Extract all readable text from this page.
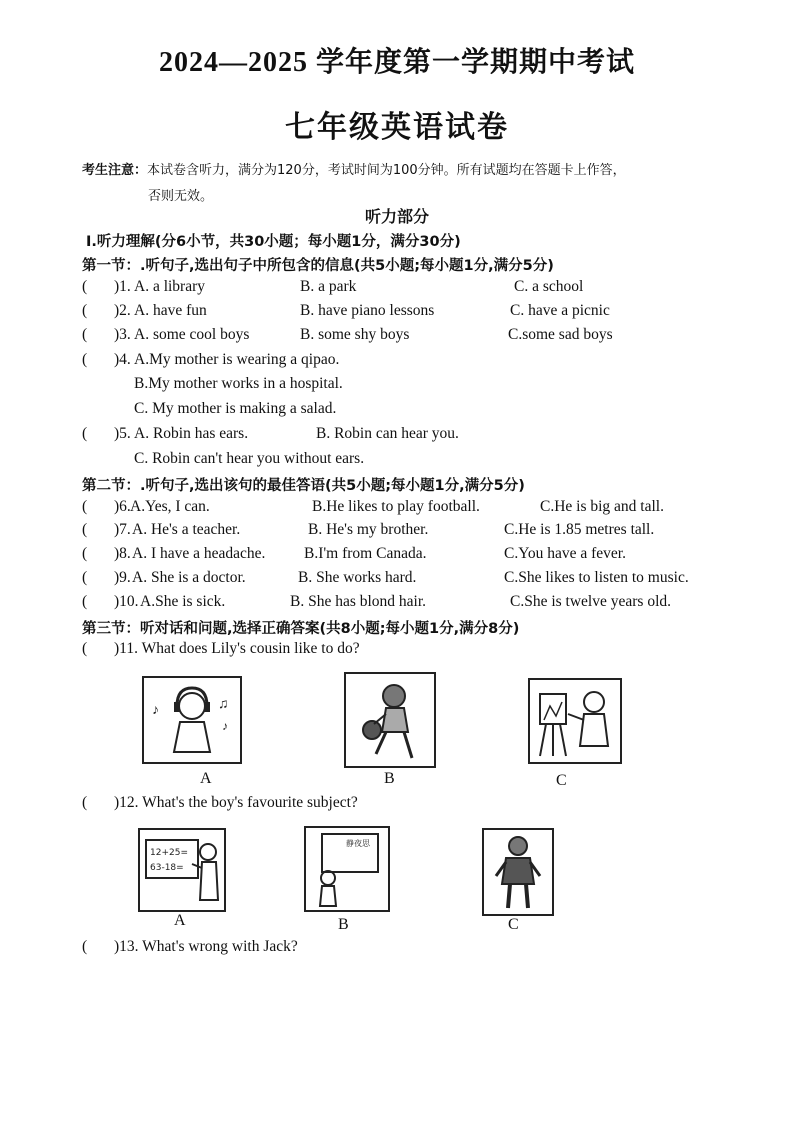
2024—2025 学年度第一学期期中考试
七年级英语试卷
考生注意：本试卷含听力，满分为120分，考试时间为100分钟。所有试题均在答题卡上作答，
否则无效。
听力部分
I.听力理解(分6小节，共30小题；每小题1分，满分30分)
第一节：.听句子,选出句子中所包含的信息(共5小题;每小题1分,满分5分)
( )1. A. a library	B. a park	C. a school
( )2. A. have fun	B. have piano lessons	C. have a picnic
( )3. A. some cool boys	B. some shy boys	C.some sad boys
( )4. A.My mother is wearing a qipao.
B.My mother works in a hospital.
C. My mother is making a salad.
( )5. A. Robin has ears.	B. Robin can hear you.
C. Robin can't hear you without ears.
第二节：.听句子,选出该句的最佳答语(共5小题;每小题1分,满分5分)
( )6. A.Yes, I can.	B.He likes to play football.	C.He is big and tall.
( )7. A. He's a teacher.	B. He's my brother.	C.He is 1.85 metres tall.
( )8. A. I have a headache. B.I'm from Canada.	C.You have a fever.
( )9. A. She is a doctor.	B. She works hard.	C.She likes to listen to music.
( )10. A.She is sick.	B. She has blond hair.	C.She is twelve years old.
第三节：听对话和问题,选择正确答案(共8小题;每小题1分,满分8分)
( )11. What does Lily's cousin like to do?
♪	♫
♪
A	B	C
( )12. What's the boy's favourite subject?
12+25=
63-18=
静夜思
A	B	C
( )13. What's wrong with Jack?
